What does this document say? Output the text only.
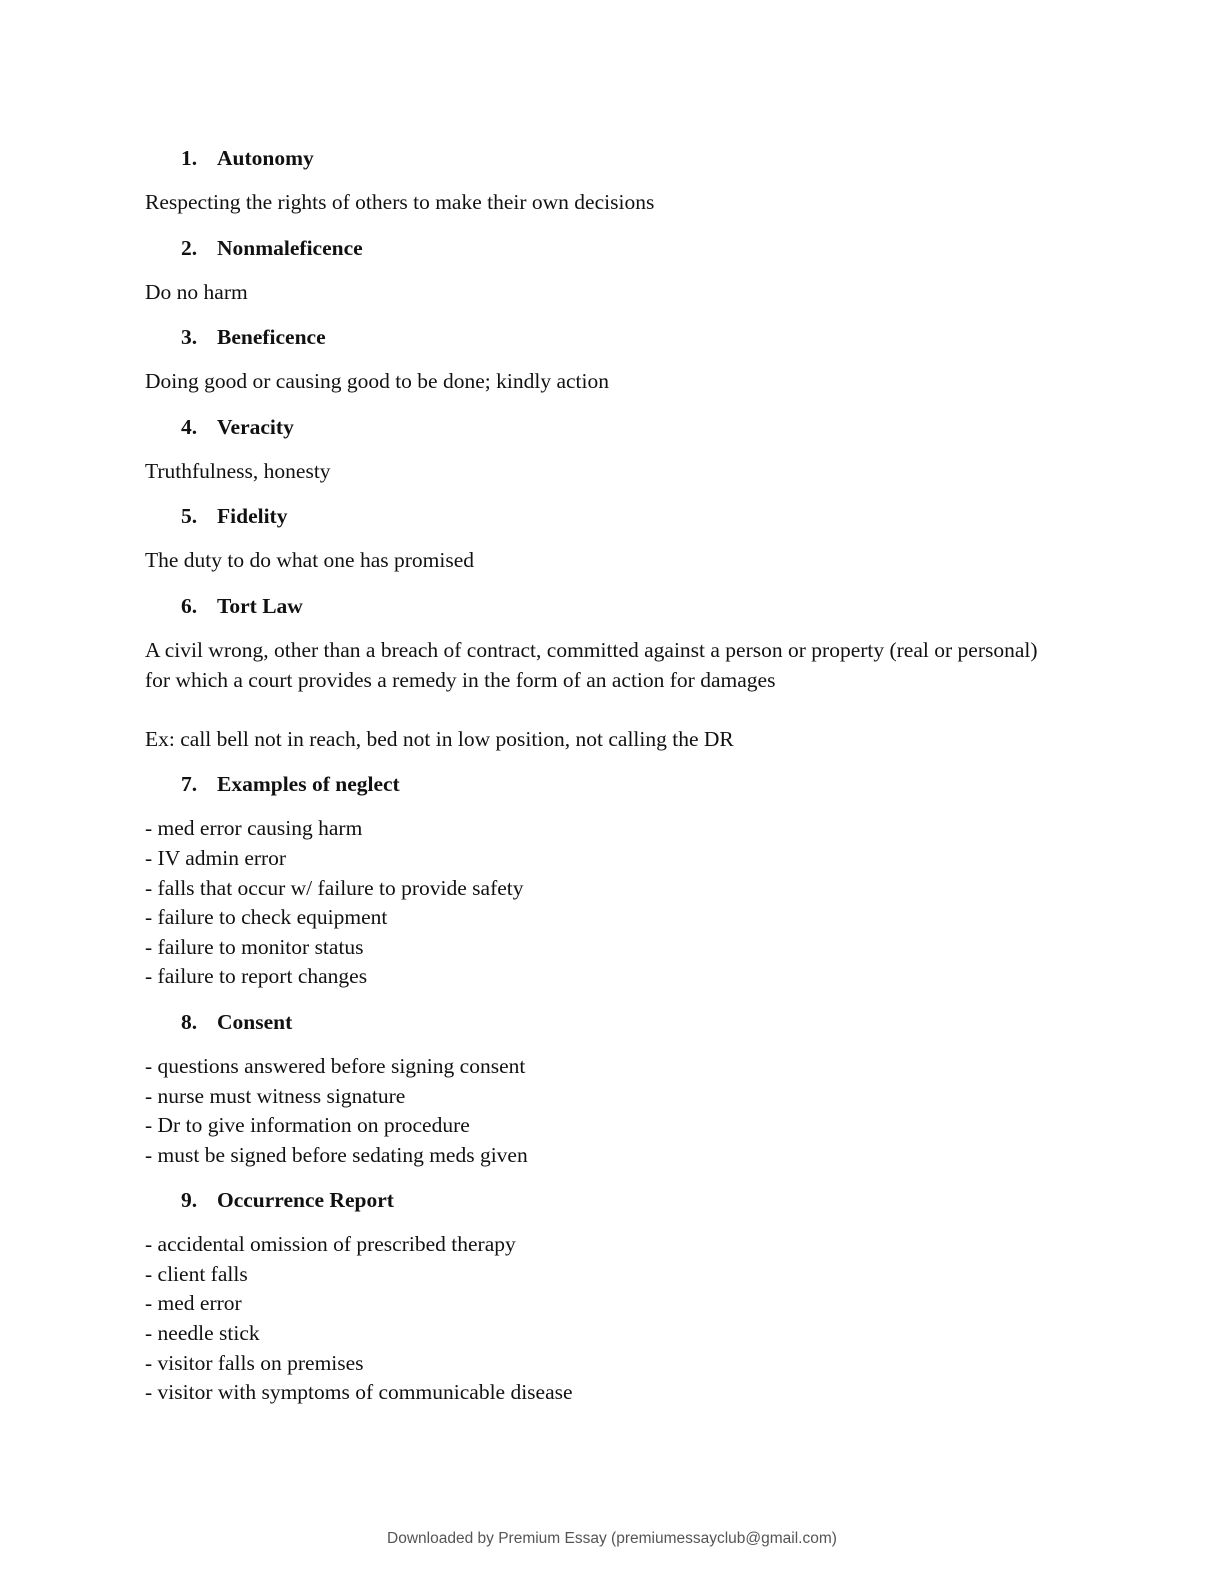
1. Autonomy

Respecting the rights of others to make their own decisions

2. Nonmaleficence

Do no harm

3. Beneficence

Doing good or causing good to be done; kindly action

4. Veracity

Truthfulness, honesty

5. Fidelity

The duty to do what one has promised

6. Tort Law

A civil wrong, other than a breach of contract, committed against a person or property (real or personal) for which a court provides a remedy in the form of an action for damages

Ex: call bell not in reach, bed not in low position, not calling the DR

7. Examples of neglect

- med error causing harm

- IV admin error

- falls that occur w/ failure to provide safety

- failure to check equipment

- failure to monitor status

- failure to report changes

8. Consent

- questions answered before signing consent

- nurse must witness signature

- Dr to give information on procedure

- must be signed before sedating meds given

9. Occurrence Report

- accidental omission of prescribed therapy

- client falls

- med error

- needle stick

- visitor falls on premises

- visitor with symptoms of communicable disease

Downloaded by Premium Essay (premiumessayclub@gmail.com)
